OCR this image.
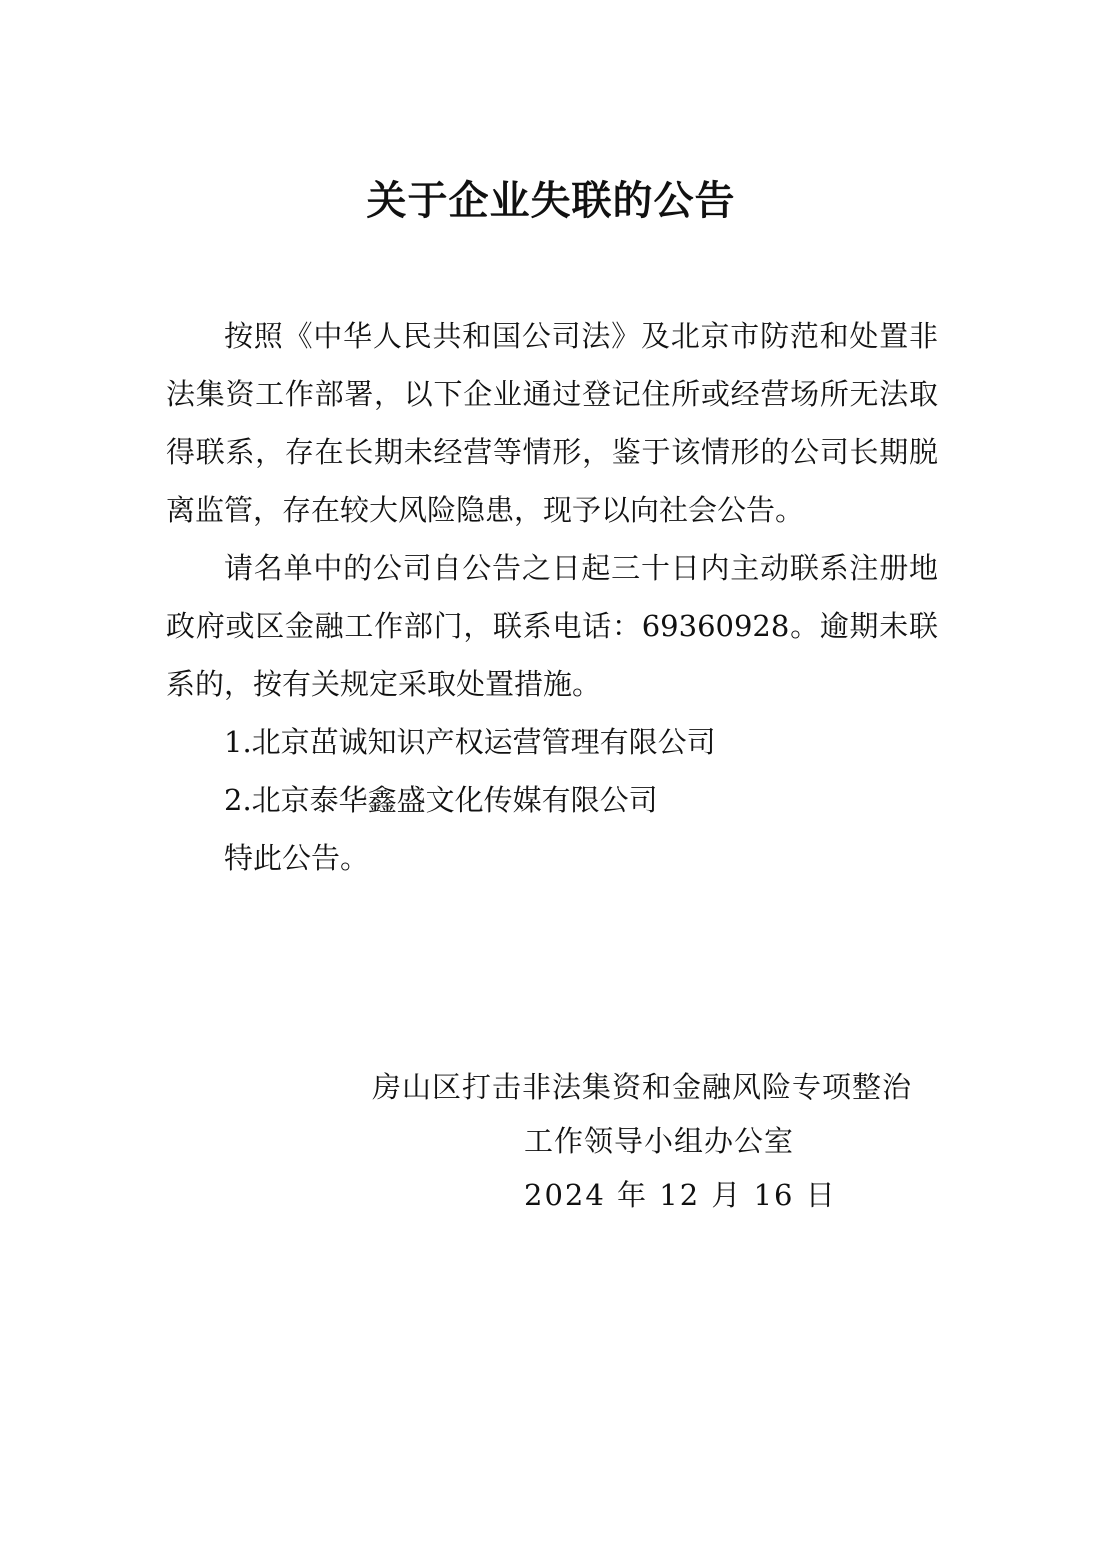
关于企业失联的公告

按照《中华人民共和国公司法》及北京市防范和处置非法集资工作部署，以下企业通过登记住所或经营场所无法取得联系，存在长期未经营等情形，鉴于该情形的公司长期脱离监管，存在较大风险隐患，现予以向社会公告。

请名单中的公司自公告之日起三十日内主动联系注册地政府或区金融工作部门，联系电话：69360928。逾期未联系的，按有关规定采取处置措施。

1.北京茁诚知识产权运营管理有限公司

2.北京泰华鑫盛文化传媒有限公司

特此公告。

房山区打击非法集资和金融风险专项整治

工作领导小组办公室

2024 年 12 月 16 日
